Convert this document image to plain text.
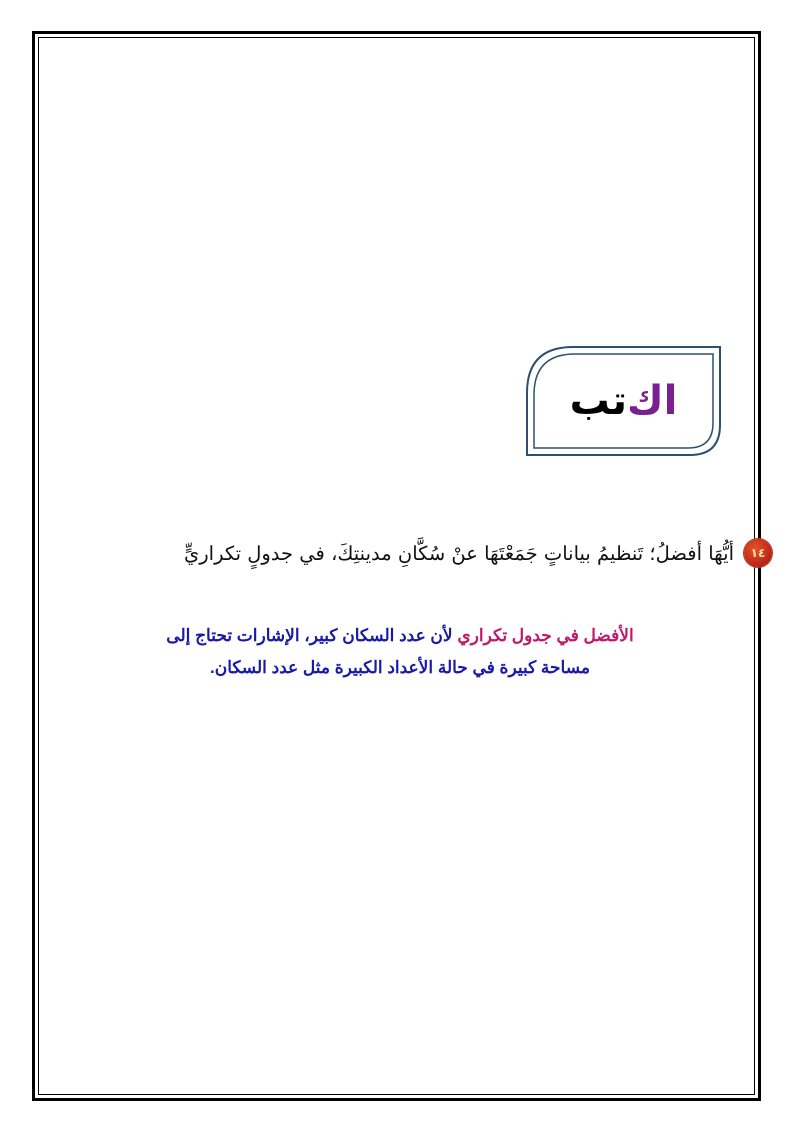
اك
تب
أيُّهَا أفضلُ؛ تَنظيمُ بياناتٍ جَمَعْتَهَا عنْ سُكَّانِ مدينتِكَ، في جدولٍ تكراريٍّ	١٤
الأفضل في جدول تكراري لأن عدد السكان كبير، الإشارات تحتاج إلى
مساحة كبيرة في حالة الأعداد الكبيرة مثل عدد السكان.
